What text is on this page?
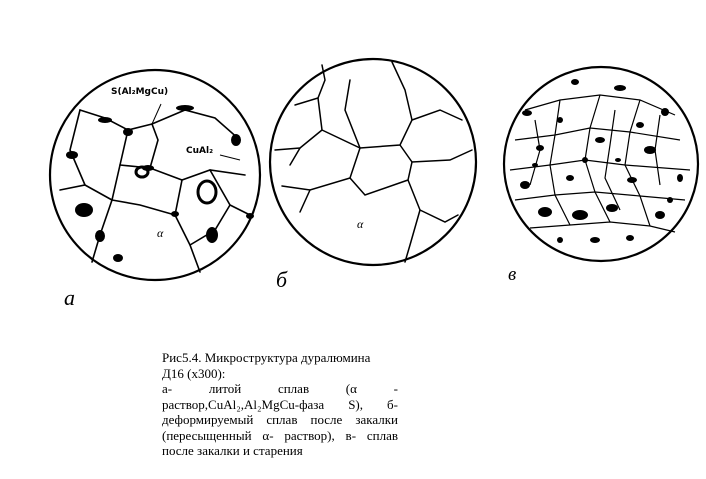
а
б	в
S(Al₂MgCu)
CuAl₂
α
α
Рис5.4. Микроструктура дуралюмина
Д16 (х300):
а- литой сплав (α -
раствор,CuAl₂,Al₂MgCu-фаза S), б-
деформируемый сплав после закалки
(пересыщенный α- раствор), в- сплав
после закалки и старения
